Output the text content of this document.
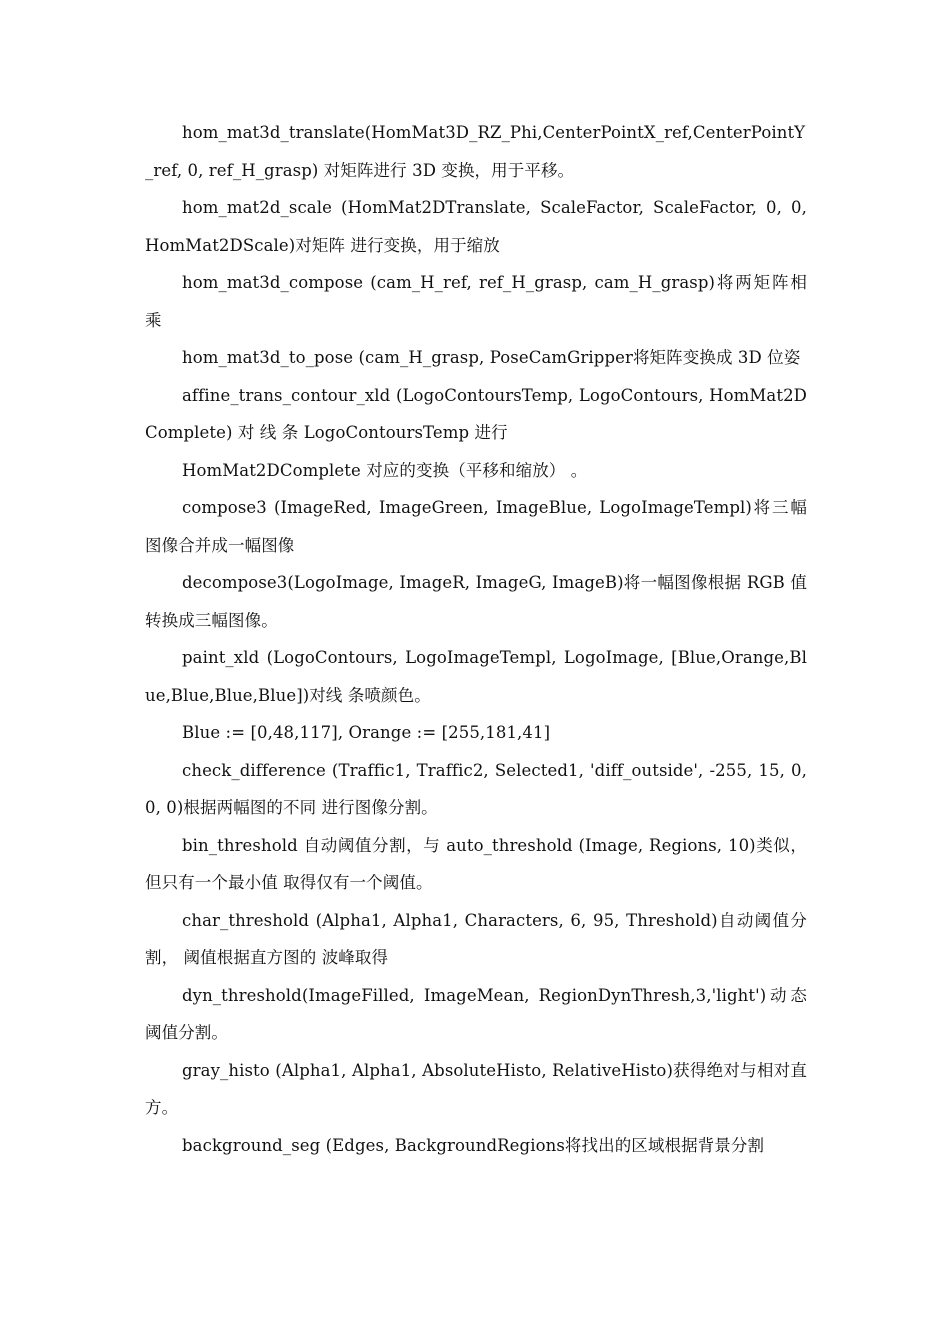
hom_mat3d_translate(HomMat3D_RZ_Phi,CenterPointX_ref,CenterPointY_ref, 0, ref_H_grasp) 对矩阵进行 3D 变换，用于平移。

hom_mat2d_scale (HomMat2DTranslate, ScaleFactor, ScaleFactor, 0, 0, HomMat2DScale)对矩阵 进行变换，用于缩放

hom_mat3d_compose (cam_H_ref, ref_H_grasp, cam_H_grasp)将两矩阵相乘

hom_mat3d_to_pose (cam_H_grasp, PoseCamGripper将矩阵变换成 3D 位姿

affine_trans_contour_xld (LogoContoursTemp, LogoContours, HomMat2DComplete) 对 线 条 LogoContoursTemp 进行

HomMat2DComplete 对应的变换（平移和缩放） 。

compose3 (ImageRed, ImageGreen, ImageBlue, LogoImageTempl)将三幅图像合并成一幅图像

decompose3(LogoImage, ImageR, ImageG, ImageB)将一幅图像根据 RGB 值转换成三幅图像。

paint_xld (LogoContours, LogoImageTempl, LogoImage, [Blue,Orange,Blue,Blue,Blue,Blue])对线 条喷颜色。

Blue := [0,48,117], Orange := [255,181,41]

check_difference (Traffic1, Traffic2, Selected1, 'diff_outside', -255, 15, 0, 0, 0)根据两幅图的不同 进行图像分割。

bin_threshold 自动阈值分割，与 auto_threshold (Image, Regions, 10)类似，但只有一个最小值 取得仅有一个阈值。

char_threshold (Alpha1, Alpha1, Characters, 6, 95, Threshold)自动阈值分割， 阈值根据直方图的 波峰取得

dyn_threshold(ImageFilled, ImageMean, RegionDynThresh,3,'light')动态阈值分割。

gray_histo (Alpha1, Alpha1, AbsoluteHisto, RelativeHisto)获得绝对与相对直方。

background_seg (Edges, BackgroundRegions将找出的区域根据背景分割
